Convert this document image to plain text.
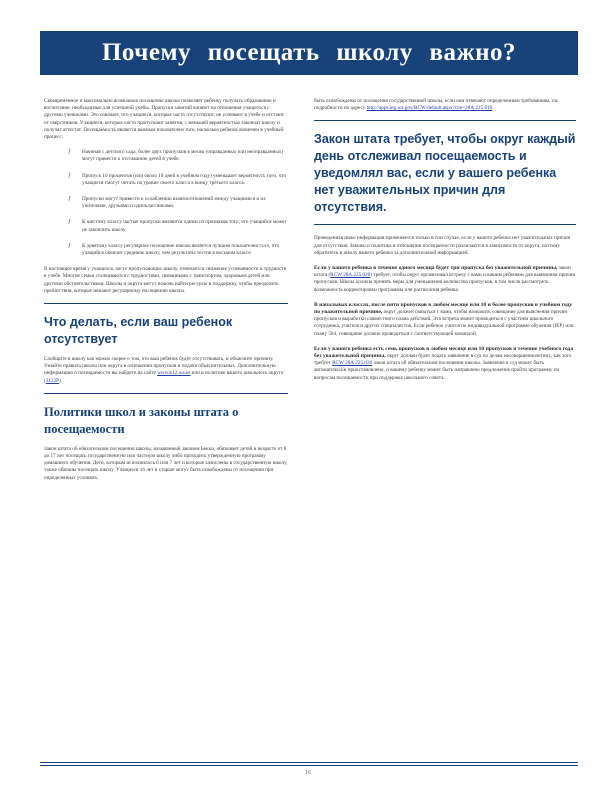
Почему посещать школу важно?

Своевременное и максимально возможное посещение школы позволяет ребенку получать образование и воспитание, необходимые для успешной учебы. Пропуски занятий влияют на отношения учащегося с другими учениками. Это означает, что учащиеся, которые часто отсутствуют, не успевают в учебе и отстают от сверстников. Учащиеся, которые часто пропускают занятия, с меньшей вероятностью закончат школу и получат аттестат. Посещаемость является важным показателем того, насколько ребенок вовлечен в учебный процесс.

ƒ Начиная с детского сада, более двух пропусков в месяц (оправданных или неоправданных) могут привести к отставанию детей в учебе.
ƒ Пропуск 10 процентов (или около 18 дней в учебном году) уменьшает вероятность того, что учащиеся смогут читать на уровне своего класса к концу третьего класса.
ƒ Пропуски могут привести к ослаблению взаимоотношений между учащимися и их учителями, друзьями и одноклассниками.
ƒ К шестому классу частые пропуски являются одним из признаков того, что учащийся может не закончить школу.
ƒ К девятому классу регулярное посещение школы является лучшим показателем того, что учащийся окончит среднюю школу, чем результаты тестов в восьмом классе.

В настоящее время у учащихся, часто пропускающих школу, отмечается снижение успеваемости и трудности в учебе. Многие семьи сталкиваются с трудностями, связанными с транспортом, здоровьем детей или другими обстоятельствами. Школы и округа могут помочь найти ресурсы и поддержку, чтобы преодолеть препятствия, которые мешают регулярному посещению школы.

Что делать, если ваш ребенок отсутствует

Сообщите в школу как можно скорее о том, что ваш ребенок будет отсутствовать, и объясните причину. Узнайте правила школы или округа в отношении пропусков и подачи объяснительных. Дополнительную информацию о посещаемости вы найдете на сайте www.k12.wa.us или в политике вашего школьного округа (3122P).

Политики школ и законы штата о посещаемости

Закон штата об обязательном посещении школы, называемый законом Бекки, обязывает детей в возрасте от 8 до 17 лет посещать государственную или частную школу либо проходить утвержденную программу домашнего обучения. Дети, которым исполнилось 6 или 7 лет и которые зачислены в государственную школу, также обязаны посещать школу. Учащиеся 16 лет и старше могут быть освобождены от посещения при определенных условиях.

быть освобождены от посещения государственной школы, если они отвечают определенным требованиям, см. подробности по адресу http://apps.leg.wa.gov/RCW/default.aspx?cite=28A.225.010

Закон штата требует, чтобы округ каждый день отслеживал посещаемость и уведомлял вас, если у вашего ребенка нет уважительных причин для отсутствия.

Приведенная ниже информация применяется только в том случае, если у вашего ребенка нет уважительных причин для отсутствия. Законы и политика в отношении посещаемости различаются в зависимости от округа, поэтому обратитесь в школу вашего ребенка за дополнительной информацией.

Если у вашего ребенка в течение одного месяца будет три пропуска без уважительной причины, закон штата (RCW 28A.225.020) требует, чтобы округ организовал встречу с вами и вашим ребенком для выявления причин пропусков. Школа должна принять меры для уменьшения количества пропусков, в том числе рассмотреть возможность корректировки программы или расписания ребенка.

В начальных классах, после пяти пропусков в любом месяце или 10 и более пропусков в учебном году по уважительной причине, округ должен связаться с вами, чтобы назначить совещание для выяснения причин пропусков и выработки совместного плана действий. Эта встреча может проводиться с участием школьного сотрудника, учителя и других специалистов. Если ребенок учится по индивидуальной программе обучения (IEP) или плану 504, совещание должно проводиться с соответствующей командой.

Если у вашего ребенка есть семь пропусков в любом месяце или 10 пропусков в течение учебного года без уважительной причины, округ должен будет подать заявление в суд по делам несовершеннолетних, как того требует RCW 28A.225.030 закон штата об обязательном посещении школы. Заявление в суд может быть автоматически приостановлено, и вашему ребенку может быть направлено предложение пройти программу по вопросам посещаемости при поддержке школьного совета.

16
